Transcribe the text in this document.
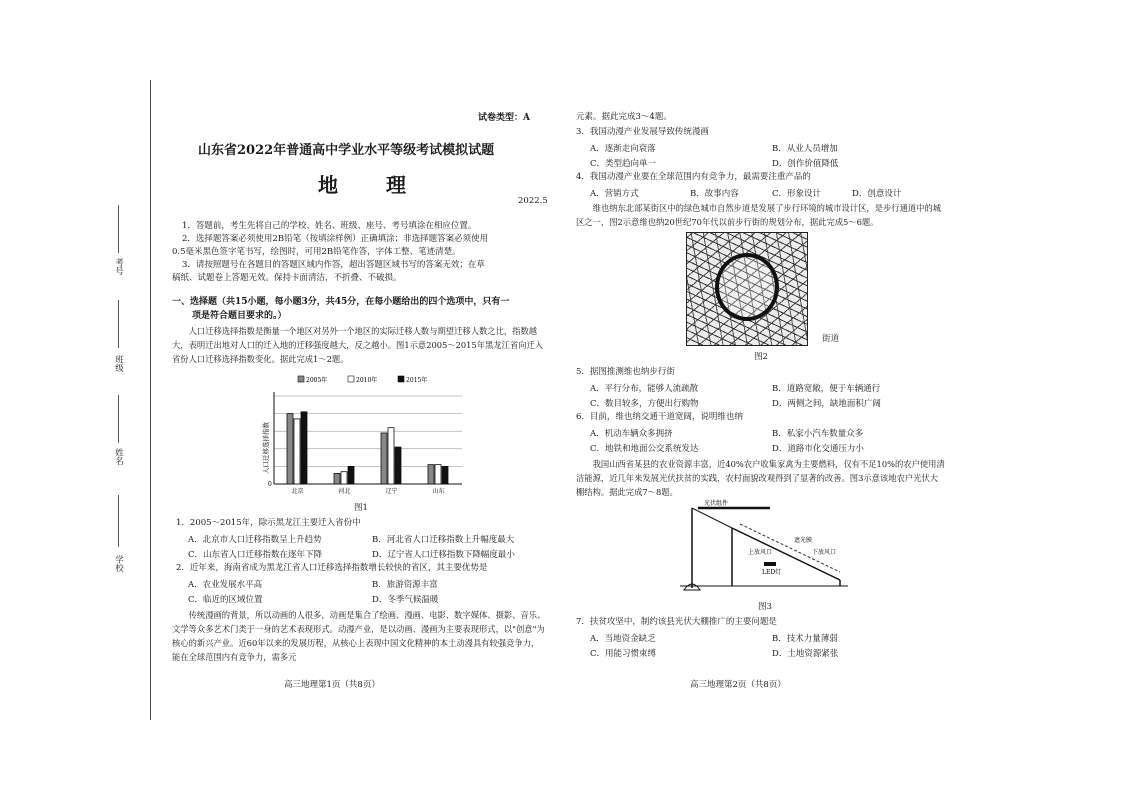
考号
班级
姓名
学校
试卷类型：A
山东省2022年普通高中学业水平等级考试模拟试题
地　理
2022.5
1．答题前，考生先将自己的学校、姓名、班级、座号、考号填涂在相应位置。
2．选择题答案必须使用2B铅笔（按填涂样例）正确填涂；非选择题答案必须使用
0.5毫米黑色签字笔书写，绘图时，可用2B铅笔作答，字体工整、笔迹清楚。
3．请按照题号在各题目的答题区域内作答，超出答题区域书写的答案无效；在草
稿纸、试题卷上答题无效。保持卡面清洁，不折叠、不破损。
一、选择题（共15小题，每小题3分，共45分，在每小题给出的四个选项中，只有一
项是符合题目要求的。）
人口迁移选择指数是衡量一个地区对另外一个地区的实际迁移人数与期望迁移人数之比，指数越大，表明迁出地对人口的迁入地的迁移强度越大，反之越小。图1示意2005～2015年黑龙江省向迁入省份人口迁移选择指数变化。据此完成1～2题。
2005年	2010年	2015年
0
北京	河北	辽宁	山东
人口迁移选择指数
图1
1．2005～2015年，除示黑龙江主要迁入省份中
A．北京市人口迁移指数呈上升趋势	B．河北省人口迁移指数上升幅度最大
C．山东省人口迁移指数在逐年下降	D．辽宁省人口迁移指数下降幅度最小
2．近年来，海南省成为黑龙江省人口迁移选择指数增长较快的省区，其主要优势是
A．农业发展水平高	B．旅游资源丰富
C．临近的区域位置	D．冬季气候温暖
传统漫画的背景，所以动画的人很多，动画是集合了绘画、漫画、电影、数字媒体、摄影、音乐、文学等众多艺术门类于一身的艺术表现形式。动漫产业，是以动画、漫画为主要表现形式，以"创意"为核心的新兴产业。近60年以来的发展历程，从核心上表现中国文化精神的本土动漫具有较强竞争力，能在全球范围内有竞争力，需多元
高三地理第1页（共8页）
元素。据此完成3～4题。
3．我国动漫产业发展导致传统漫画
A．逐渐走向衰落	B．从业人员增加
C．类型趋向单一	D．创作价值降低
4．我国动漫产业要在全球范围内有竞争力，最需要注重产品的
A．营销方式	B．故事内容	C．形象设计	D．创意设计
维也纳东北部某街区中的绿色城市自然步道是发展了步行环境的城市设计区，是步行通道中的城区之一，图2示意维也纳20世纪70年代以前步行街的规划分布，据此完成5～6题。
街道
图2
5．据图推测维也纳步行街
A．平行分布，能够人流疏散	B．道路宽敞，便于车辆通行
C．数目较多，方便出行购物	D．两侧之间，缺地面积广阔
6．目前，维也纳交通干道宽阔，说明维也纳
A．机动车辆众多拥挤	B．私家小汽车数量众多
C．地铁和地面公交系统发达	D．道路市化交通压力小
我国山西省某县的农业资源丰富，近40%农户收集家禽为主要燃料，仅有不足10%的农户使用清洁能源，近几年来发展光伏扶贫的实践，农村面貌改观得到了显著的改善。图3示意该地农户光伏大棚结构。据此完成7～8题。
光伏组件
遮光膜
上放风口	下放风口
LED灯
图3
7．扶贫攻坚中，制约该县光伏大棚推广的主要问题是
A．当地资金缺乏	B．技术力量薄弱
C．用能习惯束缚	D．土地资源紧张
高三地理第2页（共8页）
